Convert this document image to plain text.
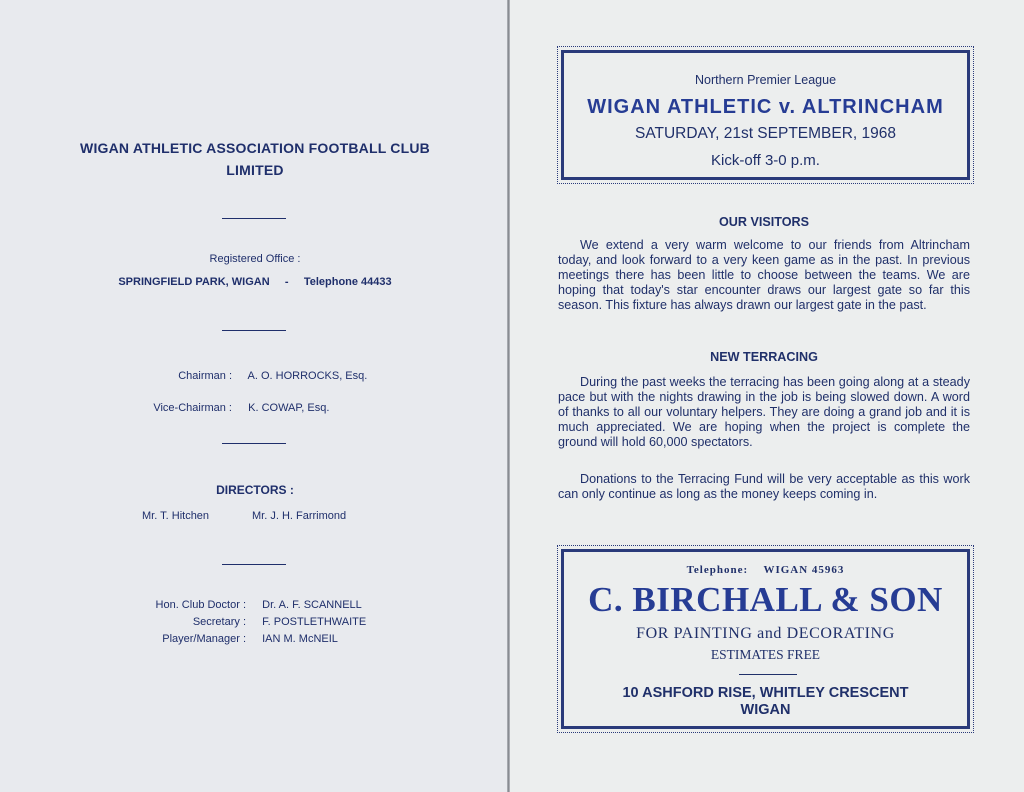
WIGAN ATHLETIC ASSOCIATION FOOTBALL CLUB
LIMITED
Registered Office :
SPRINGFIELD PARK, WIGAN - Telephone 44433
Chairman : A. O. HORROCKS, Esq.
Vice-Chairman : K. COWAP, Esq.
DIRECTORS :
Mr. T. Hitchen	Mr. J. H. Farrimond
Hon. Club Doctor : Dr. A. F. SCANNELL
Secretary : F. POSTLETHWAITE
Player/Manager : IAN M. McNEIL
Northern Premier League
WIGAN ATHLETIC v. ALTRINCHAM
SATURDAY, 21st SEPTEMBER, 1968
Kick-off 3-0 p.m.
OUR VISITORS
We extend a very warm welcome to our friends from Altrincham today, and look forward to a very keen game as in the past. In previous meetings there has been little to choose between the teams. We are hoping that today's star encounter draws our largest gate so far this season. This fixture has always drawn our largest gate in the past.
NEW TERRACING
During the past weeks the terracing has been going along at a steady pace but with the nights drawing in the job is being slowed down. A word of thanks to all our voluntary helpers. They are doing a grand job and it is much appreciated. We are hoping when the project is complete the ground will hold 60,000 spectators.
Donations to the Terracing Fund will be very acceptable as this work can only continue as long as the money keeps coming in.
Telephone: WIGAN 45963
C. BIRCHALL & SON
FOR PAINTING and DECORATING
ESTIMATES FREE
10 ASHFORD RISE, WHITLEY CRESCENT
WIGAN
